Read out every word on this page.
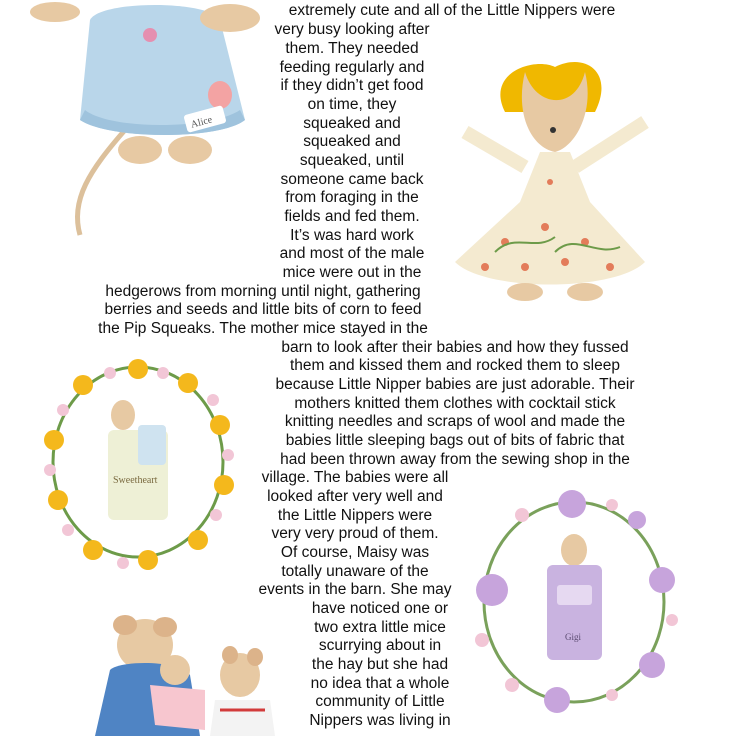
Alice
Sweetheart
Gigi
extremely cute and all of the Little Nippers were
very busy looking after
them. They needed
feeding regularly and
if they didn’t get food
on time, they
squeaked and
squeaked and
squeaked, until
someone came back
from foraging in the
fields and fed them.
It’s was hard work
and most of the male
mice were out in the
hedgerows from morning until night, gathering
berries and seeds and little bits of corn to feed
the Pip Squeaks. The mother mice stayed in the
barn to look after their babies and how they fussed
them and kissed them and rocked them to sleep
because Little Nipper babies are just adorable. Their
mothers knitted them clothes with cocktail stick
knitting needles and scraps of wool and made the
babies little sleeping bags out of bits of fabric that
had been thrown away from the sewing shop in the
village. The babies were all
looked after very well and
the Little Nippers were
very very proud of them.
Of course, Maisy was
totally unaware of the
events in the barn. She may
have noticed one or
two extra little mice
scurrying about in
the hay but she had
no idea that a whole
community of Little
Nippers was living in
